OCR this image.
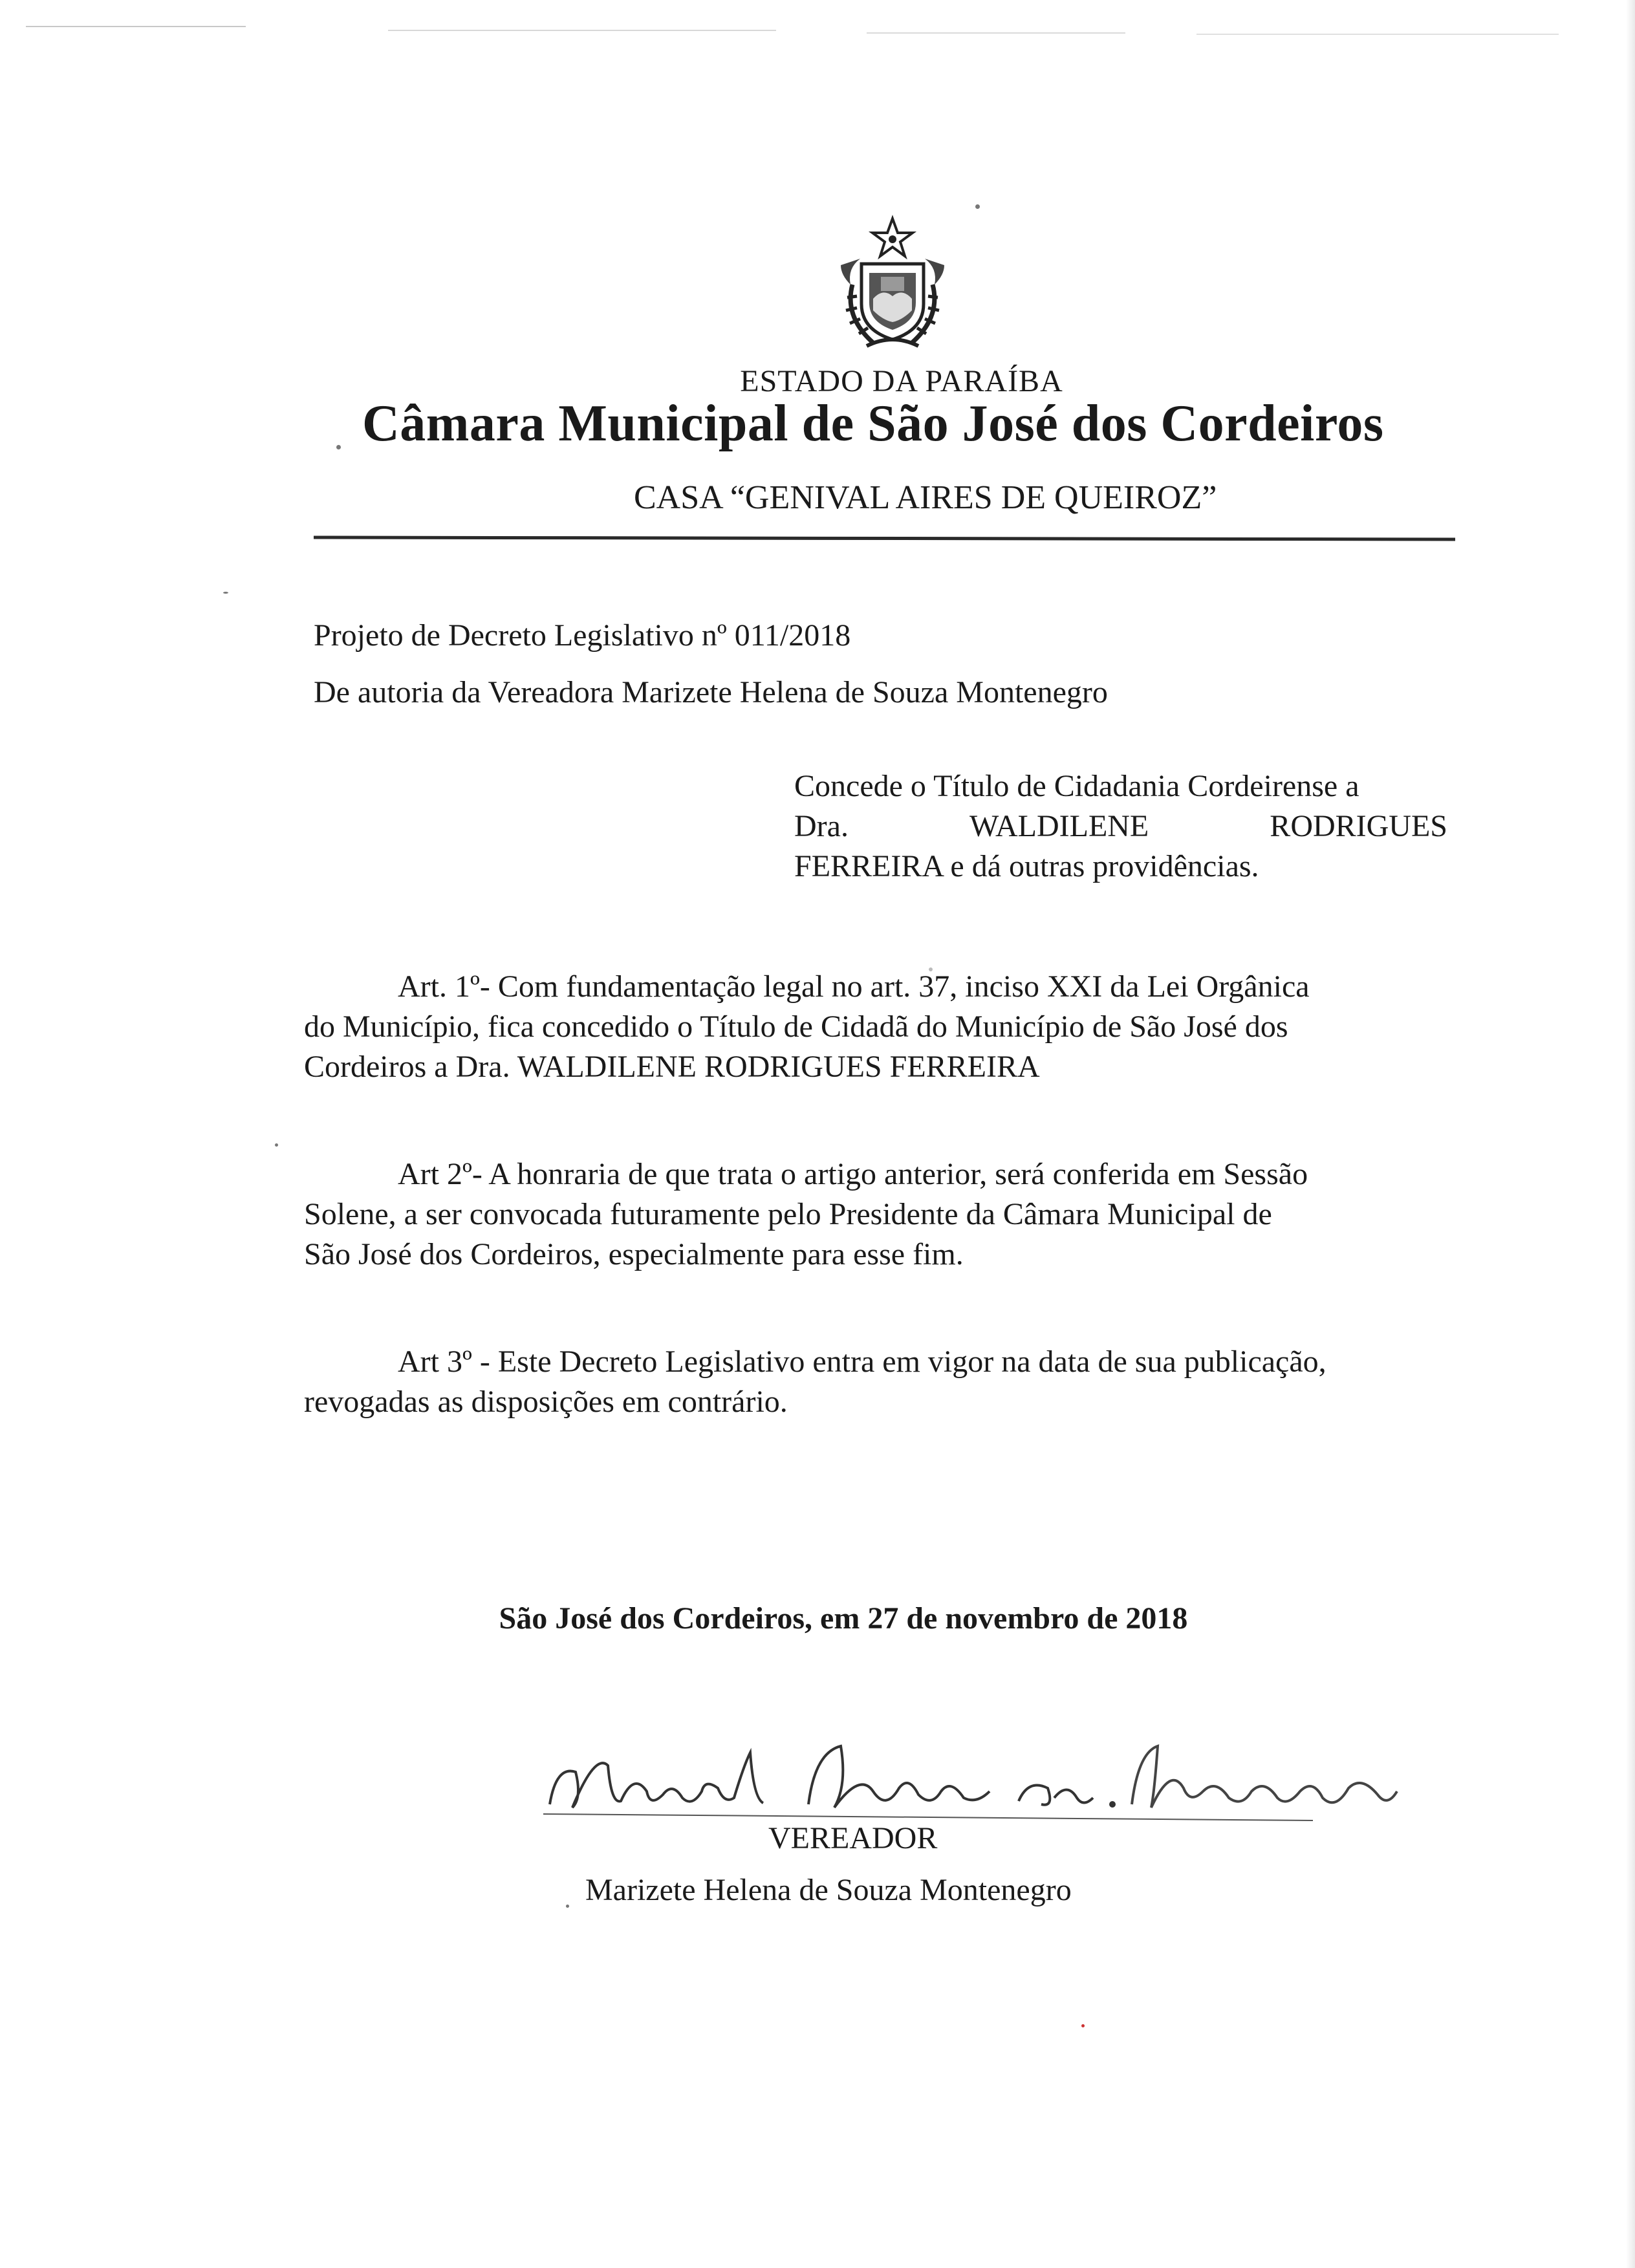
ESTADO DA PARAÍBA
Câmara Municipal de São José dos Cordeiros
CASA “GENIVAL AIRES DE QUEIROZ”
Projeto de Decreto Legislativo nº 011/2018
De autoria da Vereadora Marizete Helena de Souza Montenegro
Concede o Título de Cidadania Cordeirense a
Dra.	WALDILENE	RODRIGUES
FERREIRA e dá outras providências.
Art. 1º- Com fundamentação legal no art. 37, inciso XXI da Lei Orgânica
do Município, fica concedido o Título de Cidadã do Município de São José dos
Cordeiros a Dra. WALDILENE RODRIGUES FERREIRA
Art 2º- A honraria de que trata o artigo anterior, será conferida em Sessão
Solene, a ser convocada futuramente pelo Presidente da Câmara Municipal de
São José dos Cordeiros, especialmente para esse fim.
Art 3º - Este Decreto Legislativo entra em vigor na data de sua publicação,
revogadas as disposições em contrário.
São José dos Cordeiros, em 27 de novembro de 2018
VEREADOR
Marizete Helena de Souza Montenegro
